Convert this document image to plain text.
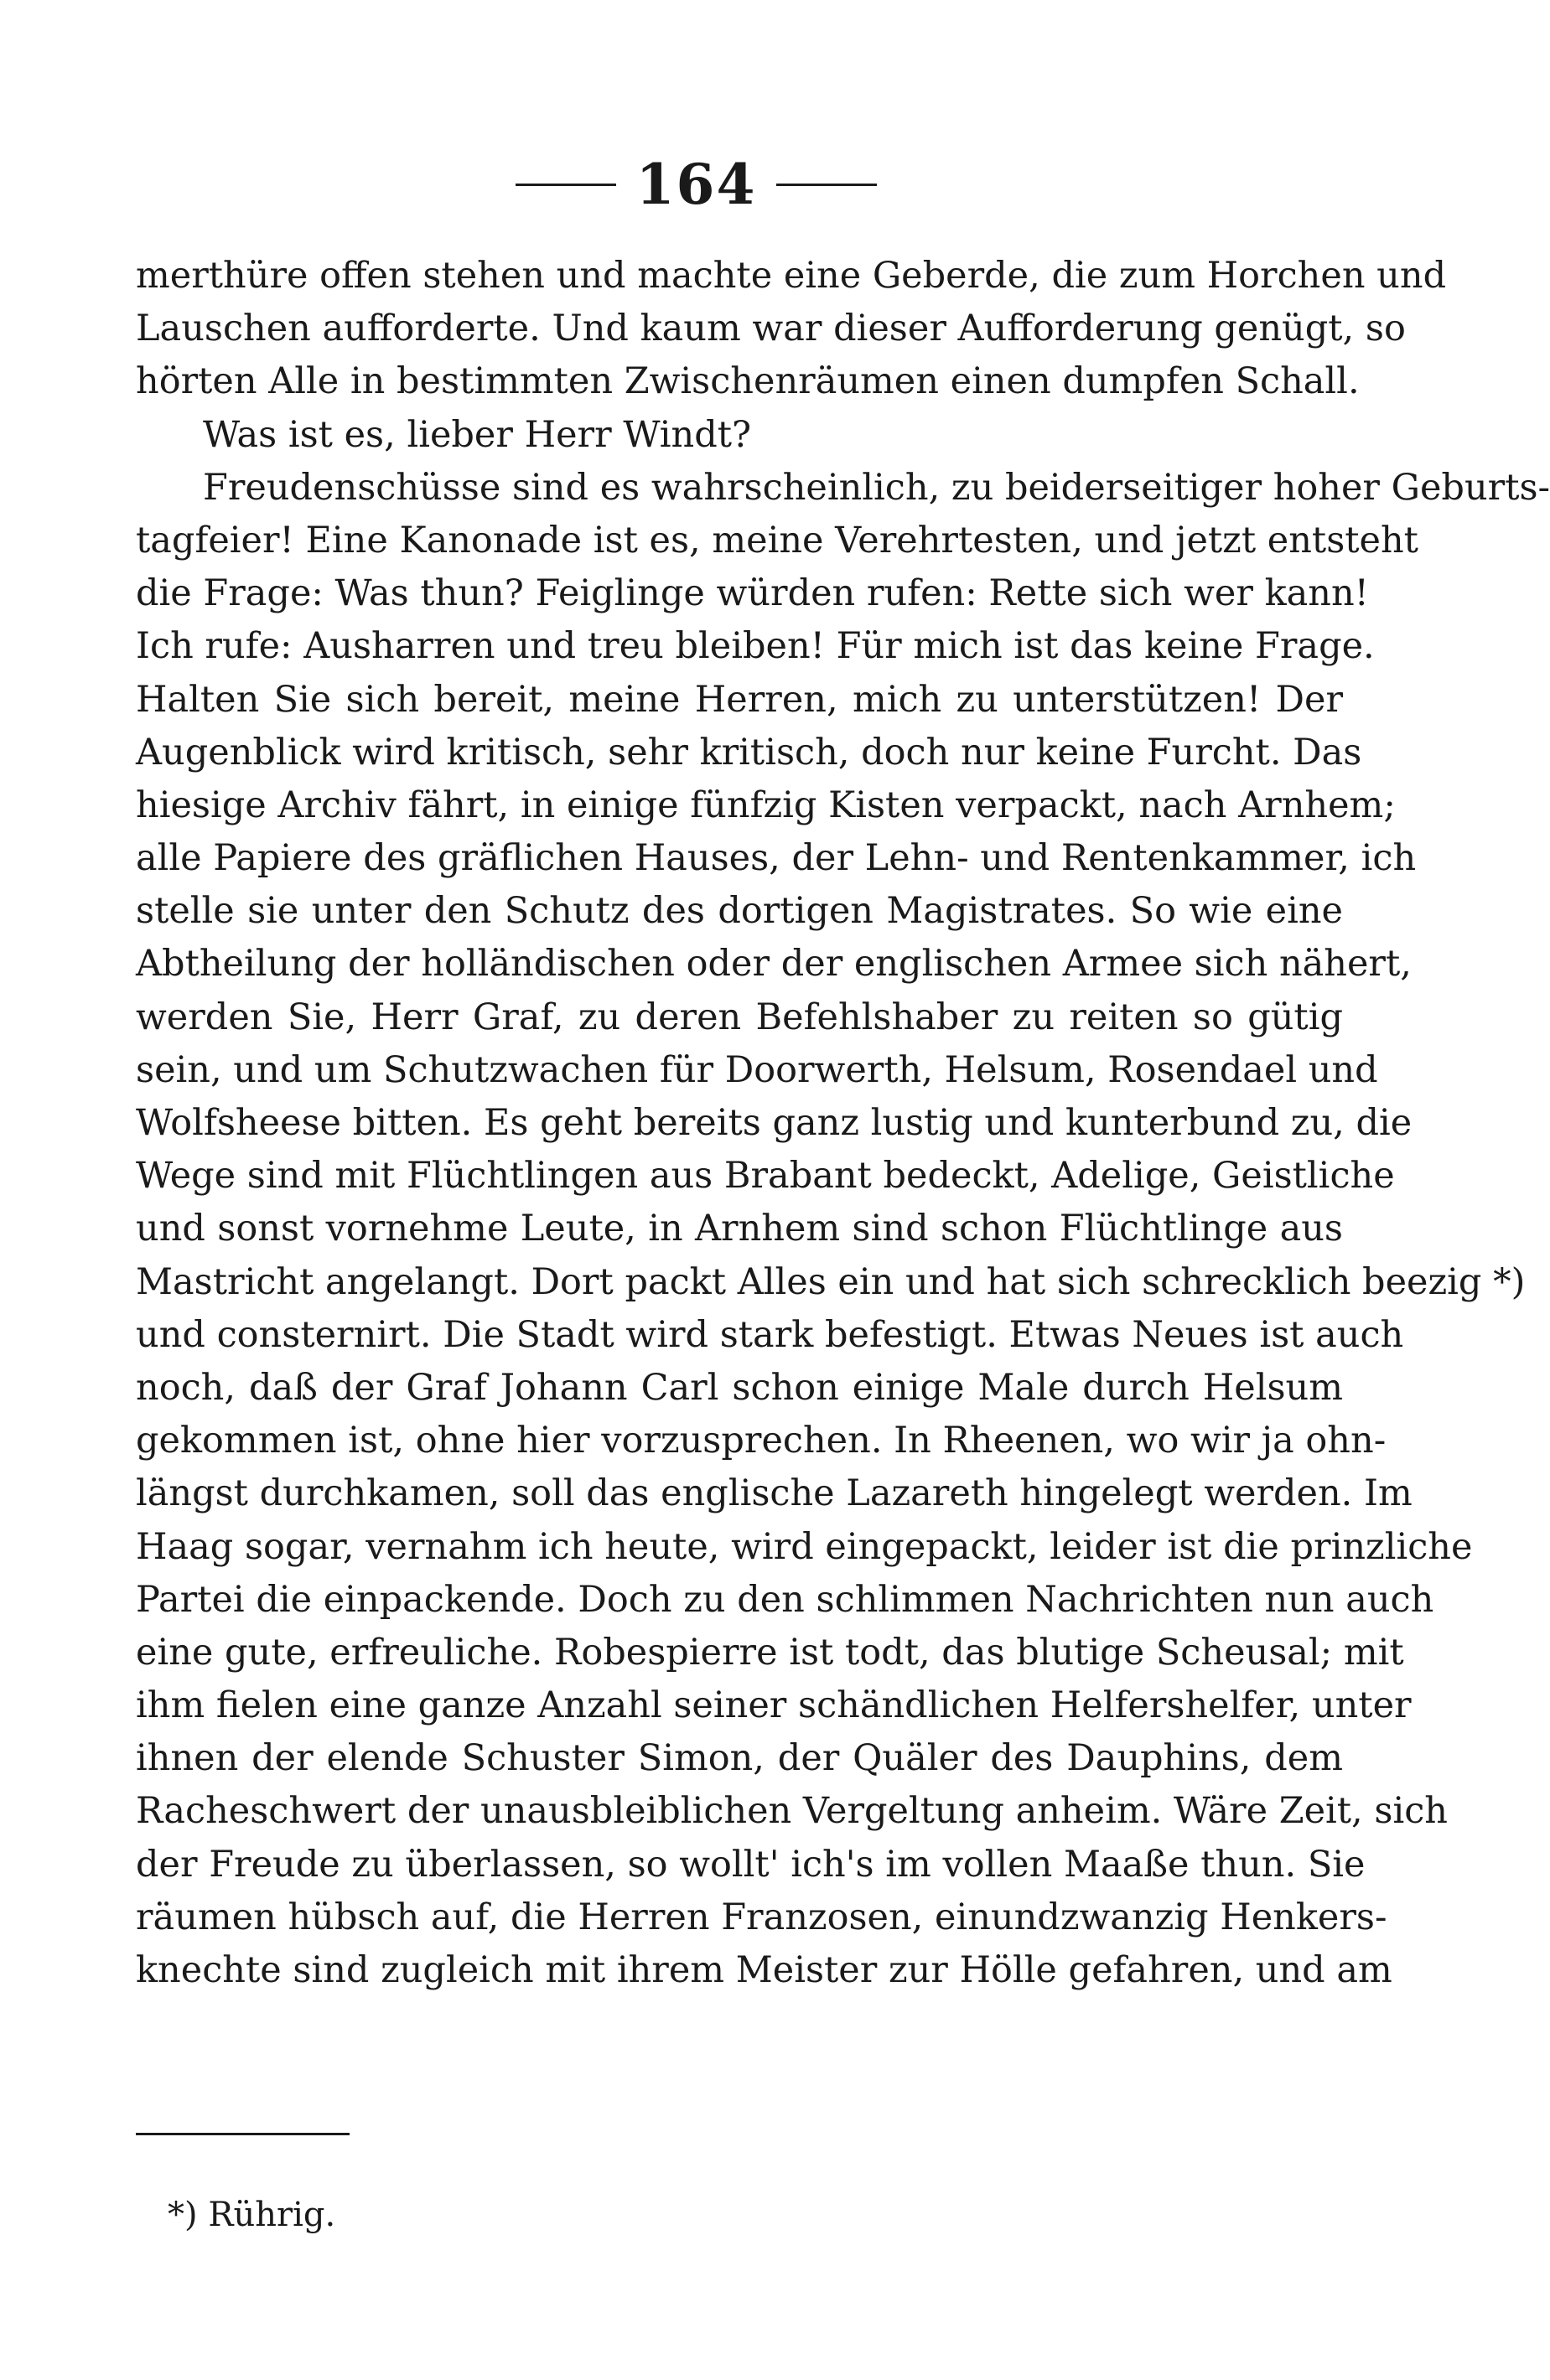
164
merthüre offen stehen und machte eine Geberde, die zum Horchen und
Lauschen aufforderte. Und kaum war dieser Aufforderung genügt, so
hörten Alle in bestimmten Zwischenräumen einen dumpfen Schall.
Was ist es, lieber Herr Windt?
Freudenschüsse sind es wahrscheinlich, zu beiderseitiger hoher Geburts-
tagfeier! Eine Kanonade ist es, meine Verehrtesten, und jetzt entsteht
die Frage: Was thun? Feiglinge würden rufen: Rette sich wer kann!
Ich rufe: Ausharren und treu bleiben! Für mich ist das keine Frage.
Halten Sie sich bereit, meine Herren, mich zu unterstützen! Der
Augenblick wird kritisch, sehr kritisch, doch nur keine Furcht. Das
hiesige Archiv fährt, in einige fünfzig Kisten verpackt, nach Arnhem;
alle Papiere des gräflichen Hauses, der Lehn- und Rentenkammer, ich
stelle sie unter den Schutz des dortigen Magistrates. So wie eine
Abtheilung der holländischen oder der englischen Armee sich nähert,
werden Sie, Herr Graf, zu deren Befehlshaber zu reiten so gütig
sein, und um Schutzwachen für Doorwerth, Helsum, Rosendael und
Wolfsheese bitten. Es geht bereits ganz lustig und kunterbund zu, die
Wege sind mit Flüchtlingen aus Brabant bedeckt, Adelige, Geistliche
und sonst vornehme Leute, in Arnhem sind schon Flüchtlinge aus
Mastricht angelangt. Dort packt Alles ein und hat sich schrecklich beezig *)
und consternirt. Die Stadt wird stark befestigt. Etwas Neues ist auch
noch, daß der Graf Johann Carl schon einige Male durch Helsum
gekommen ist, ohne hier vorzusprechen. In Rheenen, wo wir ja ohn-
längst durchkamen, soll das englische Lazareth hingelegt werden. Im
Haag sogar, vernahm ich heute, wird eingepackt, leider ist die prinzliche
Partei die einpackende. Doch zu den schlimmen Nachrichten nun auch
eine gute, erfreuliche. Robespierre ist todt, das blutige Scheusal; mit
ihm fielen eine ganze Anzahl seiner schändlichen Helfershelfer, unter
ihnen der elende Schuster Simon, der Quäler des Dauphins, dem
Racheschwert der unausbleiblichen Vergeltung anheim. Wäre Zeit, sich
der Freude zu überlassen, so wollt' ich's im vollen Maaße thun. Sie
räumen hübsch auf, die Herren Franzosen, einundzwanzig Henkers-
knechte sind zugleich mit ihrem Meister zur Hölle gefahren, und am
*) Rührig.
